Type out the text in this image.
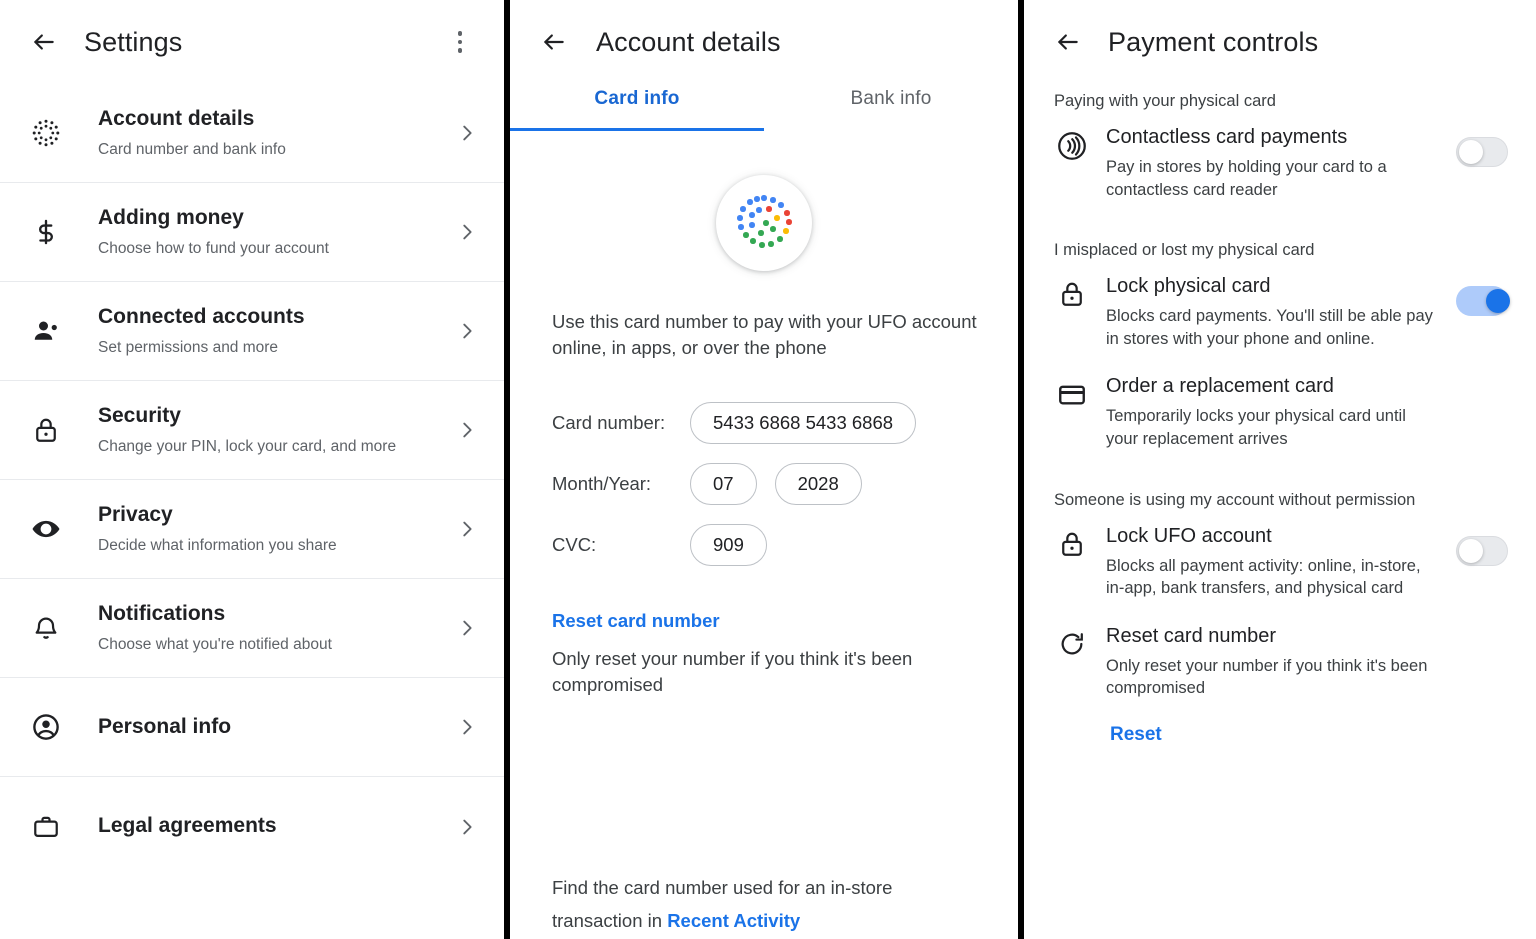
Settings
Account details
Card number and bank info
Adding money
Choose how to fund your account
Connected accounts
Set permissions and more
Security
Change your PIN, lock your card, and more
Privacy
Decide what information you share
Notifications
Choose what you're notified about
Personal info
Legal agreements
Account details
Card info	Bank info
Use this card number to pay with your UFO account online, in apps, or over the phone
Card number:	5433 6868 5433 6868
Month/Year:	07	2028
CVC:	909
Reset card number
Only reset your number if you think it's been compromised
Find the card number used for an in-store transaction in Recent Activity
Payment controls
Paying with your physical card
Contactless card payments
Pay in stores by holding your card to a contactless card reader
I misplaced or lost my physical card
Lock physical card
Blocks card payments. You'll still be able pay in stores with your phone and online.
Order a replacement card
Temporarily locks your physical card until your replacement arrives
Someone is using my account without permission
Lock UFO account
Blocks all payment activity: online, in-store, in-app, bank transfers, and physical card
Reset card number
Only reset your number if you think it's been compromised
Reset
